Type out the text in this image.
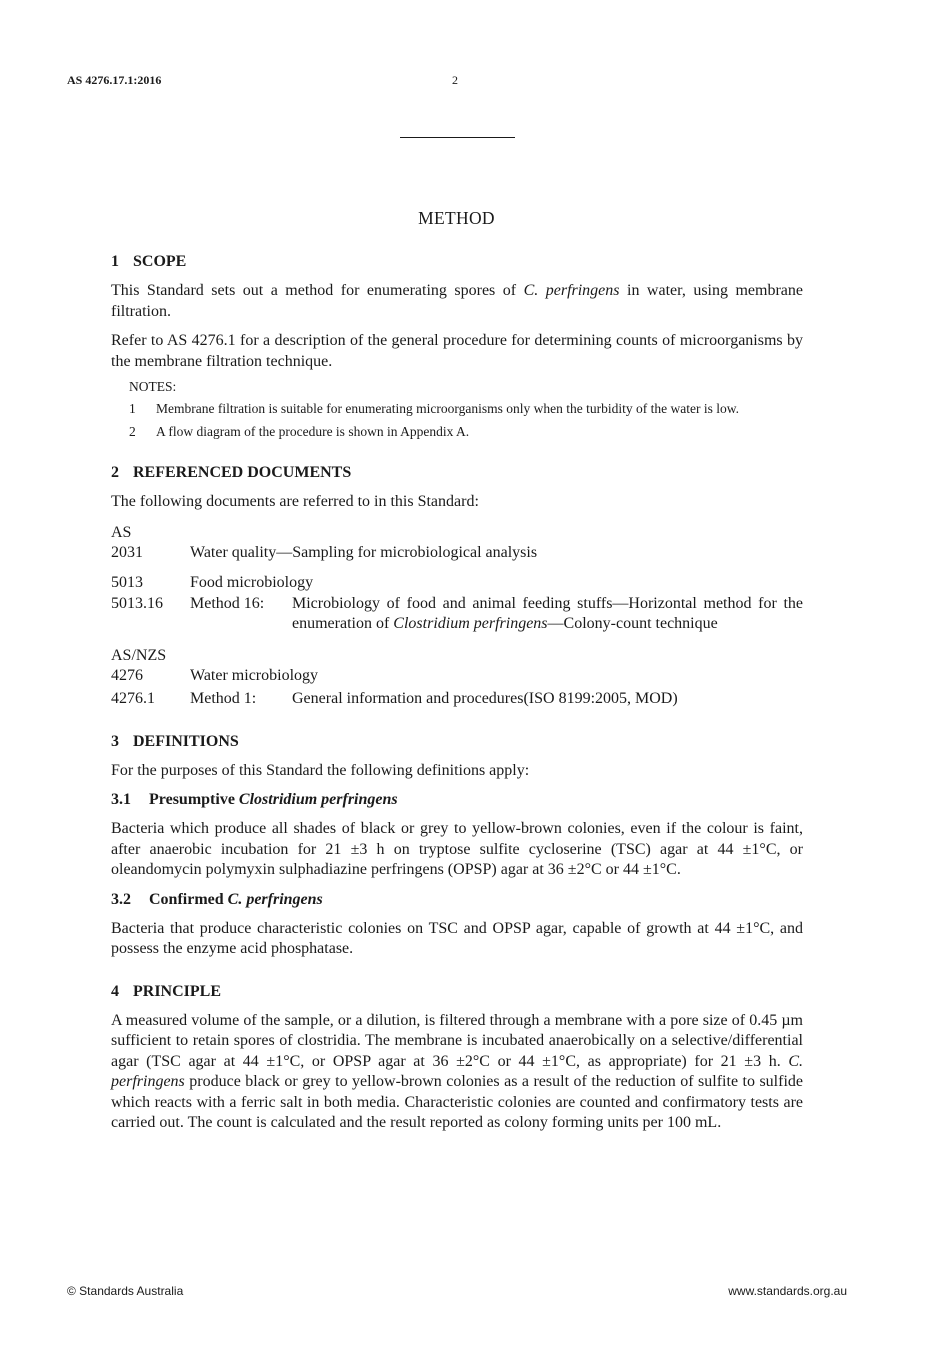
AS 4276.17.1:2016	2
METHOD
1 SCOPE

This Standard sets out a method for enumerating spores of C. perfringens in water, using membrane filtration.

Refer to AS 4276.1 for a description of the general procedure for determining counts of microorganisms by the membrane filtration technique.

NOTES:
1	Membrane filtration is suitable for enumerating microorganisms only when the turbidity of the water is low.
2	A flow diagram of the procedure is shown in Appendix A.
2 REFERENCED DOCUMENTS

The following documents are referred to in this Standard:

AS
2031	Water quality—Sampling for microbiological analysis
5013	Food microbiology
5013.16	Method 16:	Microbiology of food and animal feeding stuffs—Horizontal method for the enumeration of Clostridium perfringens—Colony-count technique
AS/NZS
4276	Water microbiology
4276.1	Method 1:	General information and procedures(ISO 8199:2005, MOD)
3 DEFINITIONS

For the purposes of this Standard the following definitions apply:

3.1 Presumptive Clostridium perfringens

Bacteria which produce all shades of black or grey to yellow-brown colonies, even if the colour is faint, after anaerobic incubation for 21 ±3 h on tryptose sulfite cycloserine (TSC) agar at 44 ±1°C, or oleandomycin polymyxin sulphadiazine perfringens (OPSP) agar at 36 ±2°C or 44 ±1°C.

3.2 Confirmed C. perfringens

Bacteria that produce characteristic colonies on TSC and OPSP agar, capable of growth at 44 ±1°C, and possess the enzyme acid phosphatase.

4 PRINCIPLE

A measured volume of the sample, or a dilution, is filtered through a membrane with a pore size of 0.45 µm sufficient to retain spores of clostridia. The membrane is incubated anaerobically on a selective/differential agar (TSC agar at 44 ±1°C, or OPSP agar at 36 ±2°C or 44 ±1°C, as appropriate) for 21 ±3 h. C. perfringens produce black or grey to yellow-brown colonies as a result of the reduction of sulfite to sulfide which reacts with a ferric salt in both media. Characteristic colonies are counted and confirmatory tests are carried out. The count is calculated and the result reported as colony forming units per 100 mL.

© Standards Australia	www.standards.org.au
